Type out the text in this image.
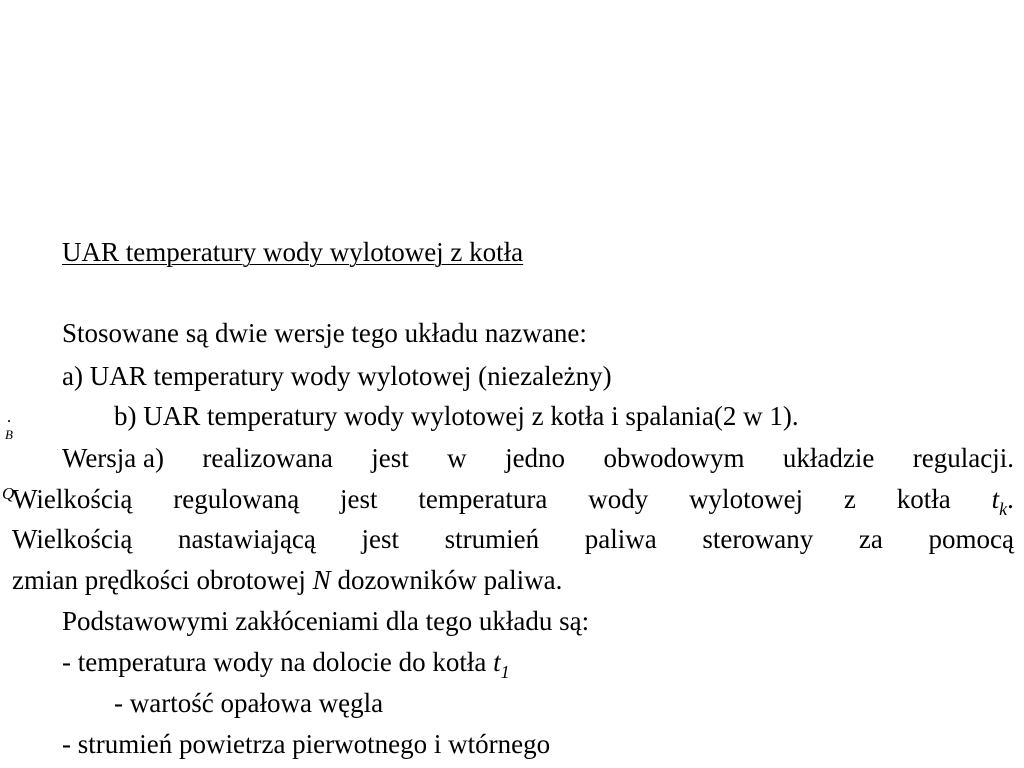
UAR temperatury wody wylotowej z kotła
Stosowane są dwie wersje tego układu nazwane:
a) UAR temperatury wody wylotowej (niezależny)
B
b) UAR temperatury wody wylotowej z kotła i spalania(2 w 1).
Wersja a) realizowana jest w jedno obwodowym układzie regulacji.
Q
Wielkością regulowaną jest temperatura wody wylotowej z kotła $t_k$.
Wielkością nastawiającą jest strumień paliwa sterowany za pomocą
zmian prędkości obrotowej N dozowników paliwa.
Podstawowymi zakłóceniami dla tego układu są:
- temperatura wody na dolocie do kotła $t_1$
- wartość opałowa węgla
- strumień powietrza pierwotnego i wtórnego
